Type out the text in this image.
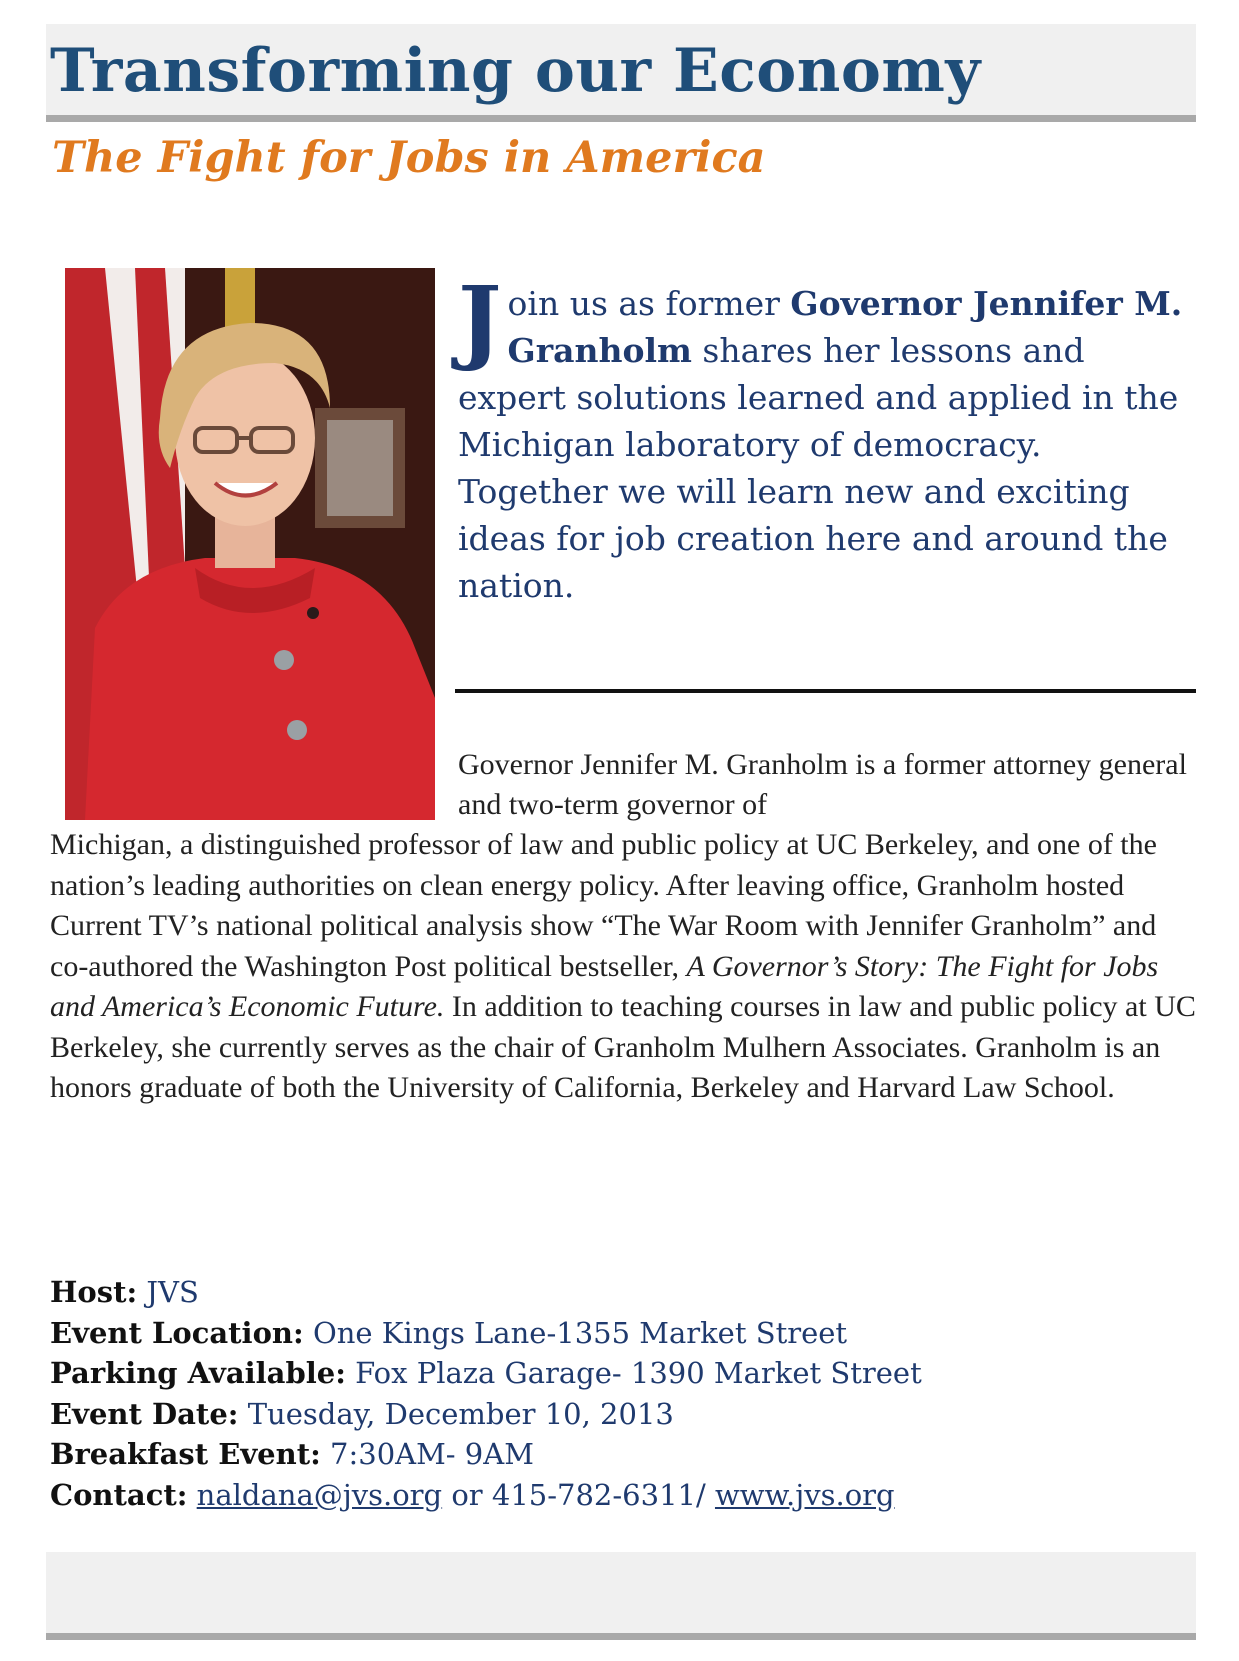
Transforming our Economy
The Fight for Jobs in America

Join us as former Governor Jennifer M. Granholm shares her lessons and expert solutions learned and applied in the Michigan laboratory of democracy. Together we will learn new and exciting ideas for job creation here and around the nation.

Governor Jennifer M. Granholm is a former attorney general and two-term governor of

Michigan, a distinguished professor of law and public policy at UC Berkeley, and one of the nation’s leading authorities on clean energy policy. After leaving office, Granholm hosted Current TV’s national political analysis show “The War Room with Jennifer Granholm” and co-authored the Washington Post political bestseller, A Governor’s Story: The Fight for Jobs and America’s Economic Future. In addition to teaching courses in law and public policy at UC Berkeley, she currently serves as the chair of Granholm Mulhern Associates. Granholm is an honors graduate of both the University of California, Berkeley and Harvard Law School.

Host: JVS
Event Location: One Kings Lane-1355 Market Street
Parking Available: Fox Plaza Garage- 1390 Market Street
Event Date: Tuesday, December 10, 2013
Breakfast Event: 7:30AM- 9AM
Contact: naldana@jvs.org or 415-782-6311/ www.jvs.org
